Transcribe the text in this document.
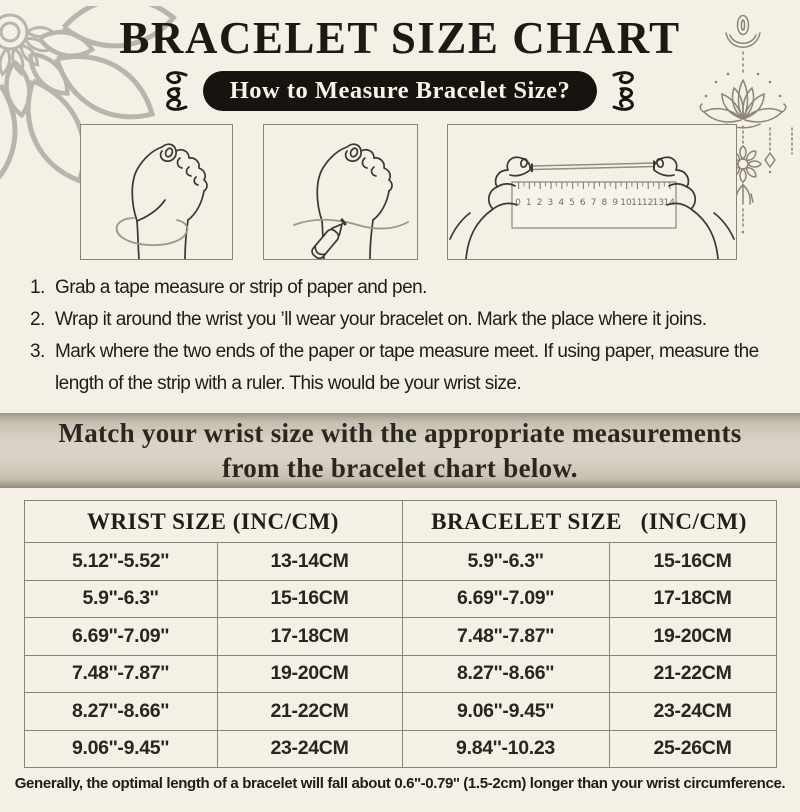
BRACELET SIZE CHART
How to Measure Bracelet Size?
0 1 2 3 4 5 6 7 8 9 10 11 12 13 14
1. Grab a tape measure or strip of paper and pen.
2. Wrap it around the wrist you ’ll wear your bracelet on. Mark the place where it joins.
3. Mark where the two ends of the paper or tape measure meet. If using paper, measure the length of the strip with a ruler. This would be your wrist size.
Match your wrist size with the appropriate measurements
from the bracelet chart below.
WRIST SIZE (INC/CM)		BRACELET SIZE   (INC/CM)	
5.12''-5.52''	13-14CM	5.9''-6.3''	15-16CM
5.9''-6.3''	15-16CM	6.69''-7.09''	17-18CM
6.69''-7.09''	17-18CM	7.48''-7.87''	19-20CM
7.48''-7.87''	19-20CM	8.27''-8.66''	21-22CM
8.27''-8.66''	21-22CM	9.06''-9.45''	23-24CM
9.06''-9.45''	23-24CM	9.84''-10.23	25-26CM
Generally, the optimal length of a bracelet will fall about 0.6''-0.79'' (1.5-2cm) longer than your wrist circumference.
